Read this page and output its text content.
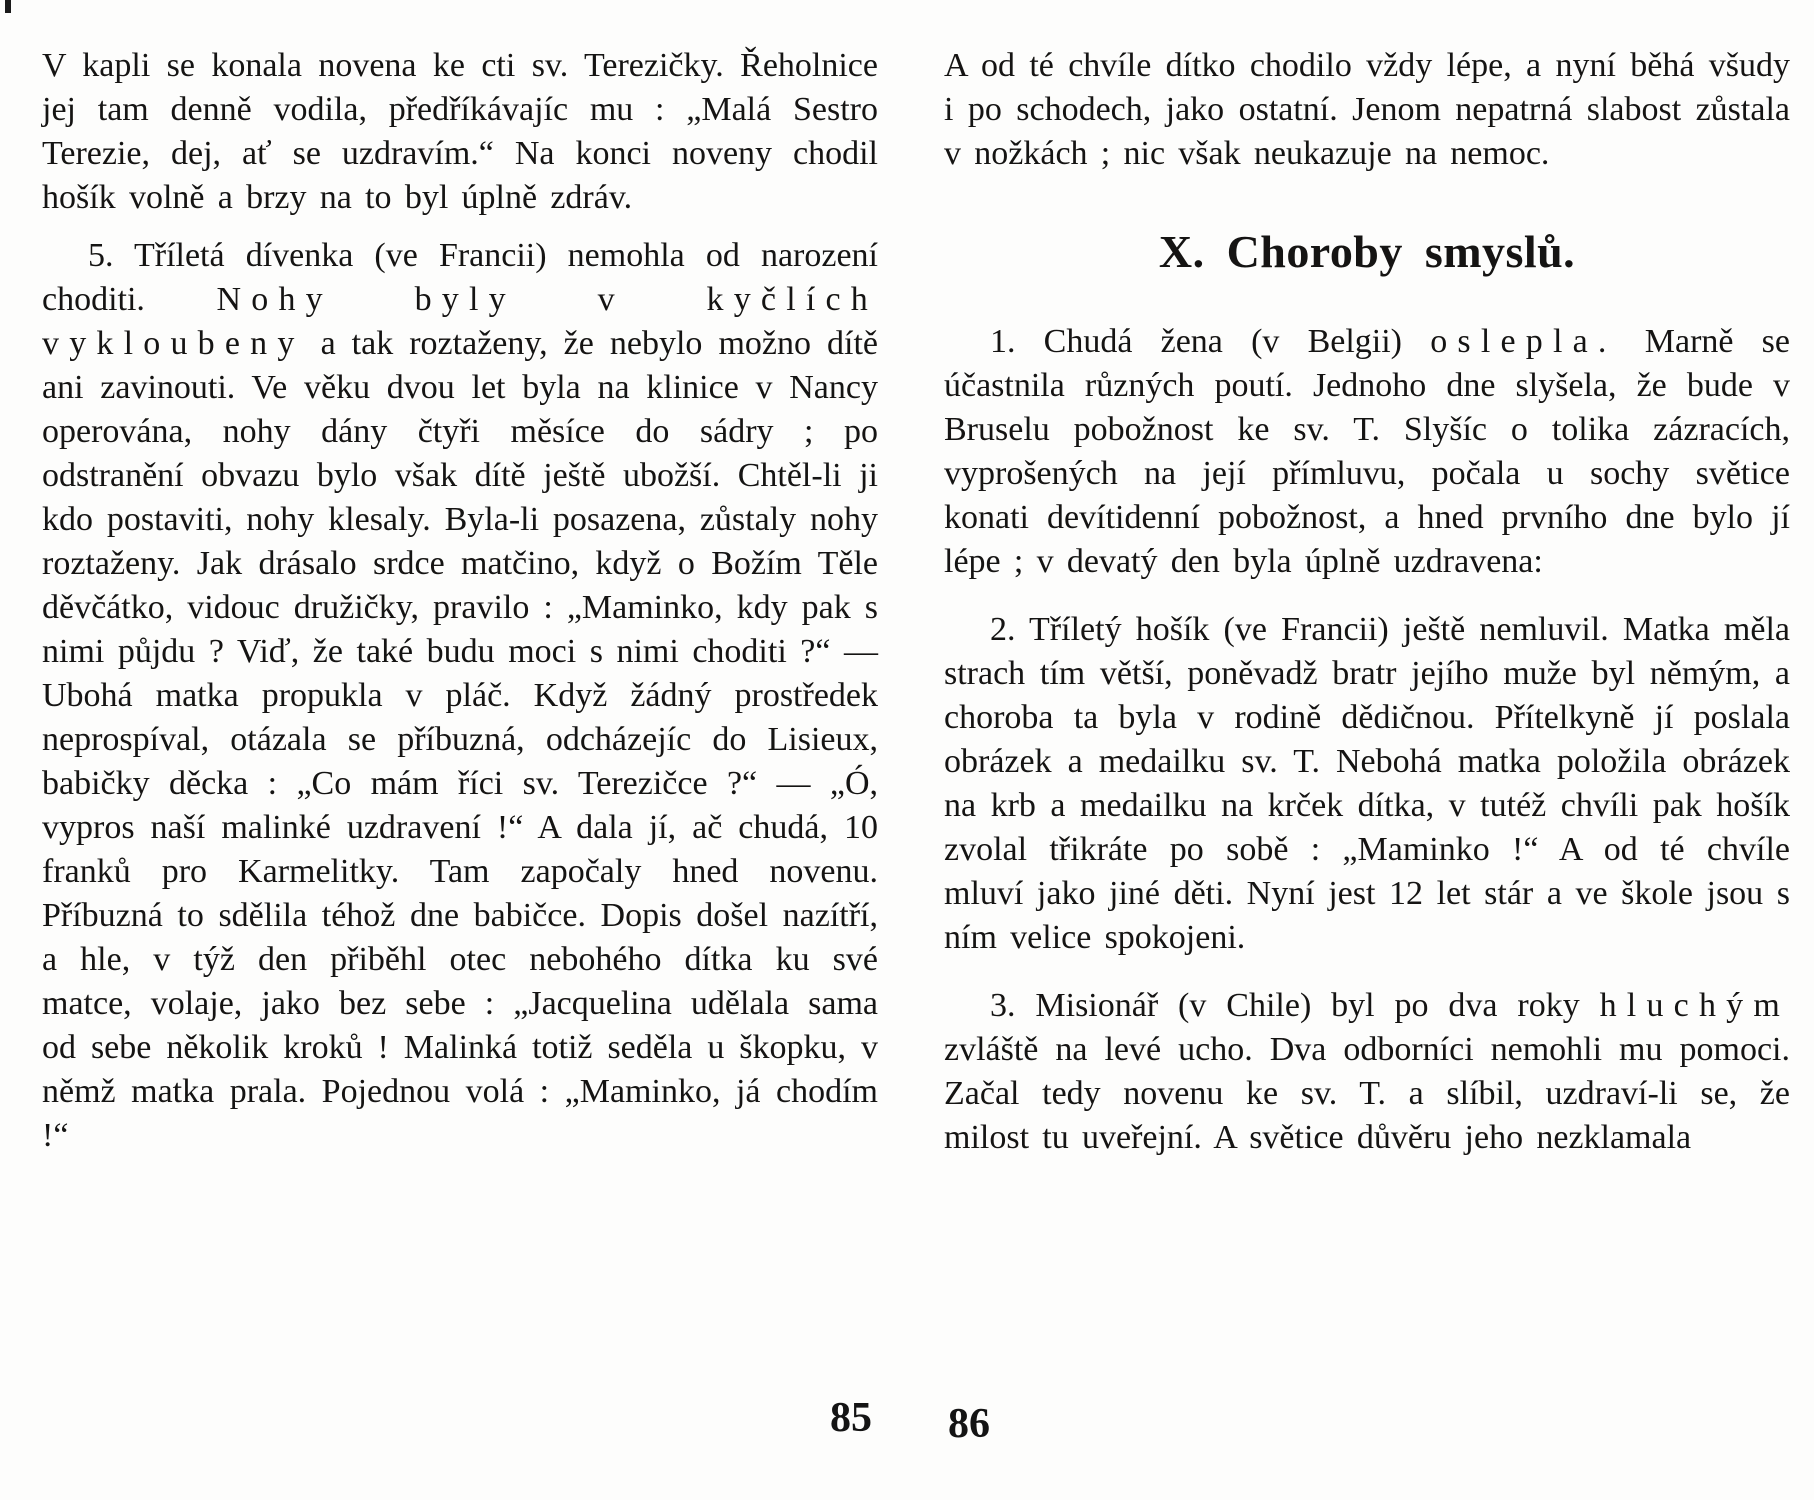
V kapli se konala novena ke cti sv. Terezičky. Řeholnice jej tam denně vodila, předříkávajíc mu : „Malá Sestro Terezie, dej, ať se uzdravím.“ Na konci noveny chodil hošík volně a brzy na to byl úplně zdráv.

5. Tříletá dívenka (ve Francii) nemohla od narození choditi. Nohy byly v kyčlích vykloubeny a tak roztaženy, že nebylo možno dítě ani zavinouti. Ve věku dvou let byla na klinice v Nancy operována, nohy dány čtyři měsíce do sádry ; po odstranění obvazu bylo však dítě ještě ubožší. Chtěl-li ji kdo postaviti, nohy klesaly. Byla-li posazena, zůstaly nohy roztaženy. Jak drásalo srdce matčino, když o Božím Těle děvčátko, vidouc družičky, pravilo : „Maminko, kdy pak s nimi půjdu ? Viď, že také budu moci s nimi choditi ?“ — Ubohá matka propukla v pláč. Když žádný prostředek neprospíval, otázala se příbuzná, odcházejíc do Lisieux, babičky děcka : „Co mám říci sv. Terezičce ?“ — „Ó, vypros naší malinké uzdravení !“ A dala jí, ač chudá, 10 franků pro Karmelitky. Tam započaly hned novenu. Příbuzná to sdělila téhož dne babičce. Dopis došel nazítří, a hle, v týž den přiběhl otec nebohého dítka ku své matce, volaje, jako bez sebe : „Jacquelina udělala sama od sebe několik kroků ! Malinká totiž seděla u škopku, v němž matka prala. Pojednou volá : „Maminko, já chodím !“

85

A od té chvíle dítko chodilo vždy lépe, a nyní běhá všudy i po schodech, jako ostatní. Jenom nepatrná slabost zůstala v nožkách ; nic však neukazuje na nemoc.

X. Choroby smyslů.

1. Chudá žena (v Belgii) oslepla. Marně se účastnila různých poutí. Jednoho dne slyšela, že bude v Bruselu pobožnost ke sv. T. Slyšíc o tolika zázracích, vyprošených na její přímluvu, počala u sochy světice konati devítidenní pobožnost, a hned prvního dne bylo jí lépe ; v devatý den byla úplně uzdravena:

2. Tříletý hošík (ve Francii) ještě nemluvil. Matka měla strach tím větší, poněvadž bratr jejího muže byl němým, a choroba ta byla v rodině dědičnou. Přítelkyně jí poslala obrázek a medailku sv. T. Nebohá matka položila obrázek na krb a medailku na krček dítka, v tutéž chvíli pak hošík zvolal třikráte po sobě : „Maminko !“ A od té chvíle mluví jako jiné děti. Nyní jest 12 let stár a ve škole jsou s ním velice spokojeni.

3. Misionář (v Chile) byl po dva roky hluchým zvláště na levé ucho. Dva odborníci nemohli mu pomoci. Začal tedy novenu ke sv. T. a slíbil, uzdraví-li se, že milost tu uveřejní. A světice důvěru jeho nezklamala

86
